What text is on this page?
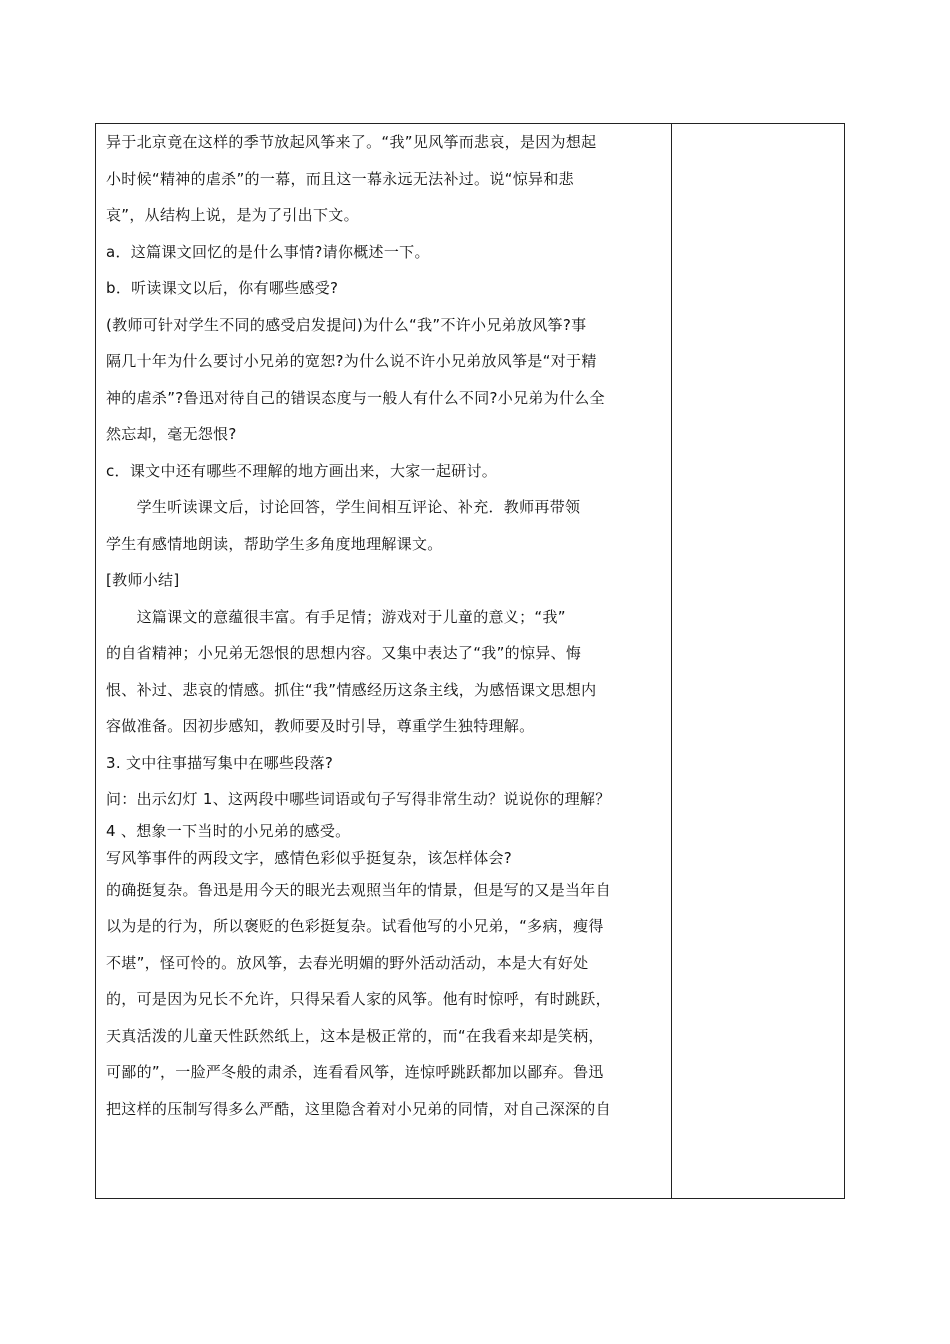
异于北京竟在这样的季节放起风筝来了。“我”见风筝而悲哀，是因为想起

小时候“精神的虐杀”的一幕，而且这一幕永远无法补过。说“惊异和悲

哀”，从结构上说，是为了引出下文。

a．这篇课文回忆的是什么事情?请你概述一下。

b．听读课文以后，你有哪些感受?

(教师可针对学生不同的感受启发提问)为什么“我”不许小兄弟放风筝?事

隔几十年为什么要讨小兄弟的宽恕?为什么说不许小兄弟放风筝是“对于精

神的虐杀”?鲁迅对待自己的错误态度与一般人有什么不同?小兄弟为什么全

然忘却，毫无怨恨?

c．课文中还有哪些不理解的地方画出来，大家一起研讨。

　　学生听读课文后，讨论回答，学生间相互评论、补充．教师再带领

学生有感情地朗读，帮助学生多角度地理解课文。

[教师小结]

　　这篇课文的意蕴很丰富。有手足情；游戏对于儿童的意义；“我”

的自省精神；小兄弟无怨恨的思想内容。又集中表达了“我”的惊异、悔

恨、补过、悲哀的情感。抓住“我”情感经历这条主线，为感悟课文思想内

容做准备。因初步感知，教师要及时引导，尊重学生独特理解。

3. 文中往事描写集中在哪些段落?

问：出示幻灯 1、这两段中哪些词语或句子写得非常生动？说说你的理解？

4 、想象一下当时的小兄弟的感受。

写风筝事件的两段文字，感情色彩似乎挺复杂，该怎样体会?

的确挺复杂。鲁迅是用今天的眼光去观照当年的情景，但是写的又是当年自

以为是的行为，所以褒贬的色彩挺复杂。试看他写的小兄弟，“多病，瘦得

不堪”，怪可怜的。放风筝，去春光明媚的野外活动活动，本是大有好处

的，可是因为兄长不允许，只得呆看人家的风筝。他有时惊呼，有时跳跃，

天真活泼的儿童天性跃然纸上，这本是极正常的，而“在我看来却是笑柄，

可鄙的”，一脸严冬般的肃杀，连看看风筝，连惊呼跳跃都加以鄙弃。鲁迅

把这样的压制写得多么严酷，这里隐含着对小兄弟的同情，对自己深深的自
